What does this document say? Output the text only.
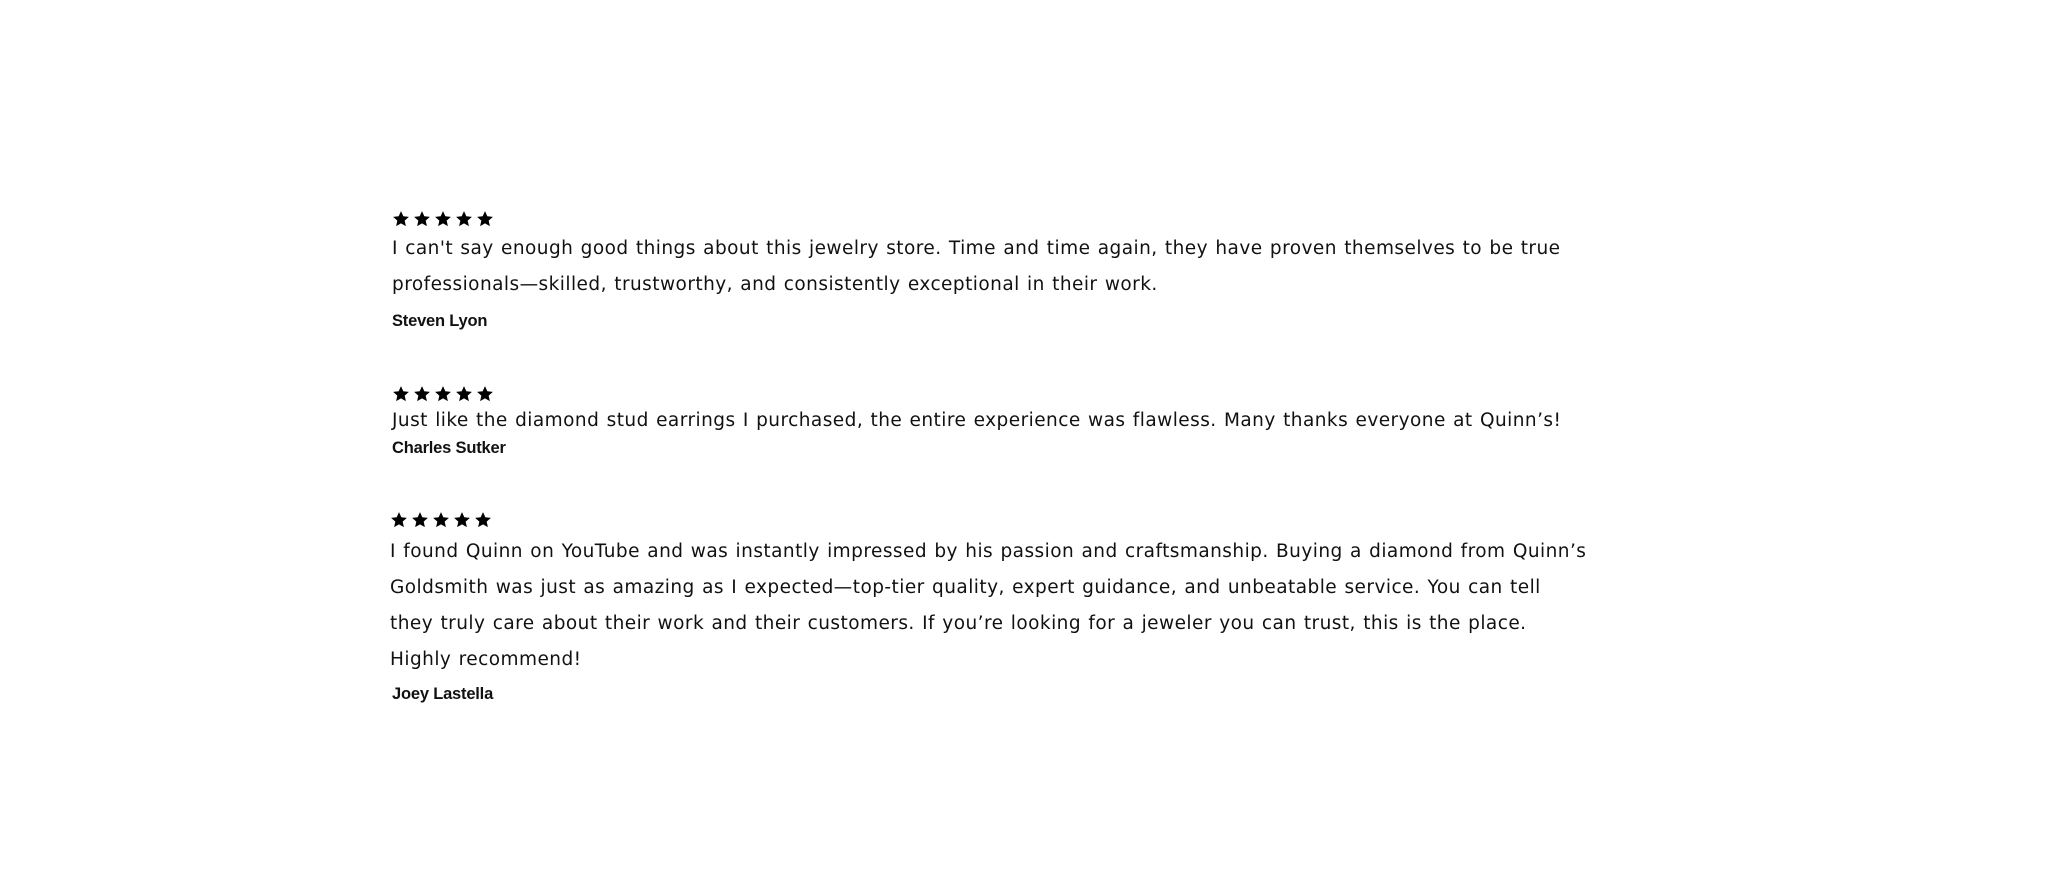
I can't say enough good things about this jewelry store. Time and time again, they have proven themselves to be true professionals—skilled, trustworthy, and consistently exceptional in their work.

Steven Lyon

Just like the diamond stud earrings I purchased, the entire experience was flawless. Many thanks everyone at Quinn’s!

Charles Sutker

I found Quinn on YouTube and was instantly impressed by his passion and craftsmanship. Buying a diamond from Quinn’s Goldsmith was just as amazing as I expected—top-tier quality, expert guidance, and unbeatable service. You can tell they truly care about their work and their customers. If you’re looking for a jeweler you can trust, this is the place. Highly recommend!

Joey Lastella
